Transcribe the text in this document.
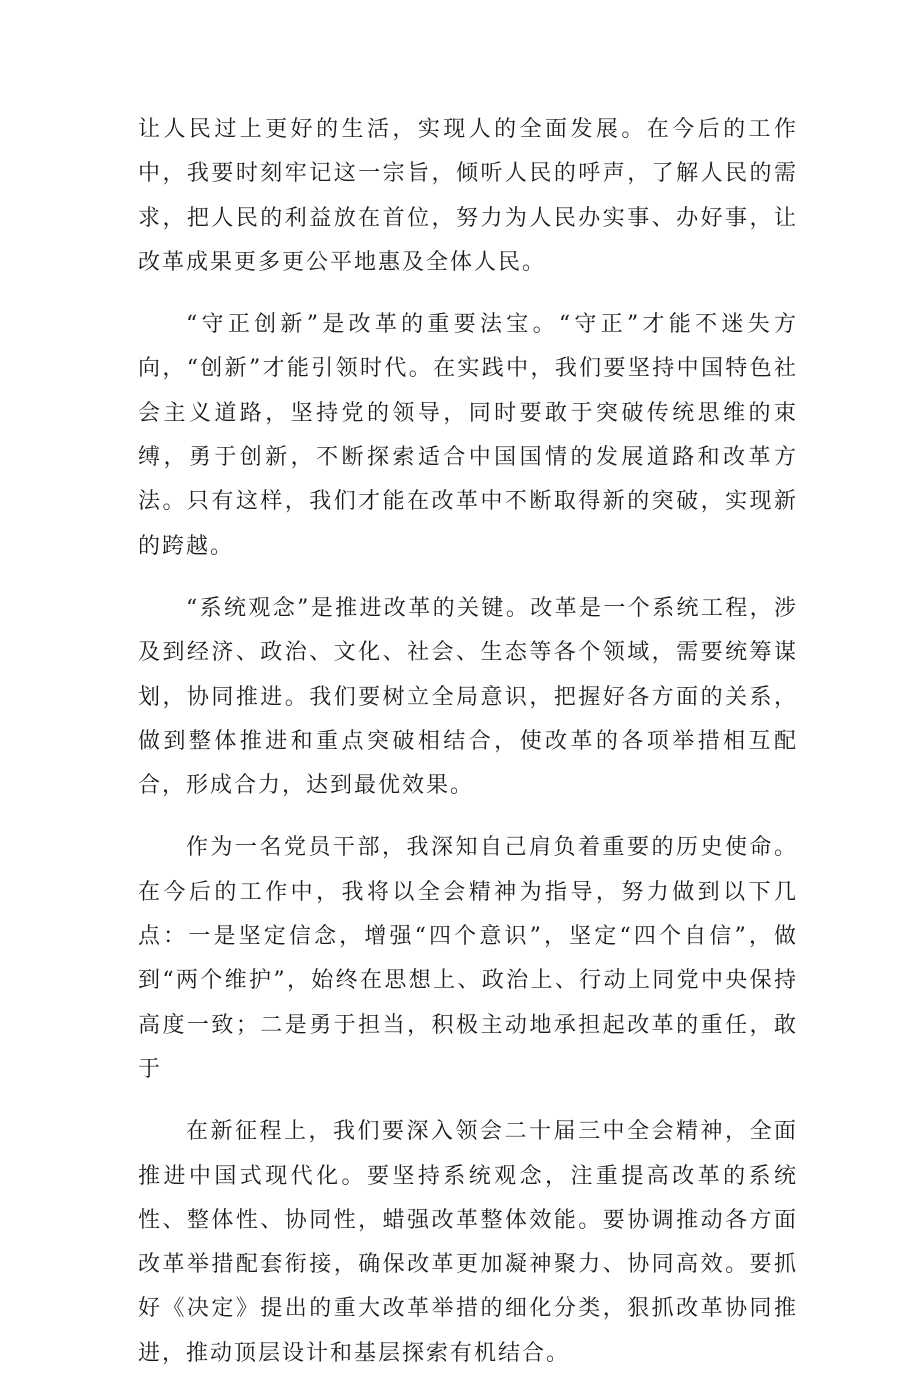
让人民过上更好的生活，实现人的全面发展。在今后的工作中，我要时刻牢记这一宗旨，倾听人民的呼声，了解人民的需求，把人民的利益放在首位，努力为人民办实事、办好事，让改革成果更多更公平地惠及全体人民。

“守正创新”是改革的重要法宝。“守正”才能不迷失方向，“创新”才能引领时代。在实践中，我们要坚持中国特色社会主义道路，坚持党的领导，同时要敢于突破传统思维的束缚，勇于创新，不断探索适合中国国情的发展道路和改革方法。只有这样，我们才能在改革中不断取得新的突破，实现新的跨越。

“系统观念”是推进改革的关键。改革是一个系统工程，涉及到经济、政治、文化、社会、生态等各个领域，需要统筹谋划，协同推进。我们要树立全局意识，把握好各方面的关系，做到整体推进和重点突破相结合，使改革的各项举措相互配合，形成合力，达到最优效果。

作为一名党员干部，我深知自己肩负着重要的历史使命。在今后的工作中，我将以全会精神为指导，努力做到以下几点：一是坚定信念，增强“四个意识”，坚定“四个自信”，做到“两个维护”，始终在思想上、政治上、行动上同党中央保持高度一致；二是勇于担当，积极主动地承担起改革的重任，敢于

在新征程上，我们要深入领会二十届三中全会精神，全面推进中国式现代化。要坚持系统观念，注重提高改革的系统性、整体性、协同性，蜡强改革整体效能。要协调推动各方面改革举措配套衔接，确保改革更加凝神聚力、协同高效。要抓好《决定》提出的重大改革举措的细化分类，狠抓改革协同推进，推动顶层设计和基层探索有机结合。
